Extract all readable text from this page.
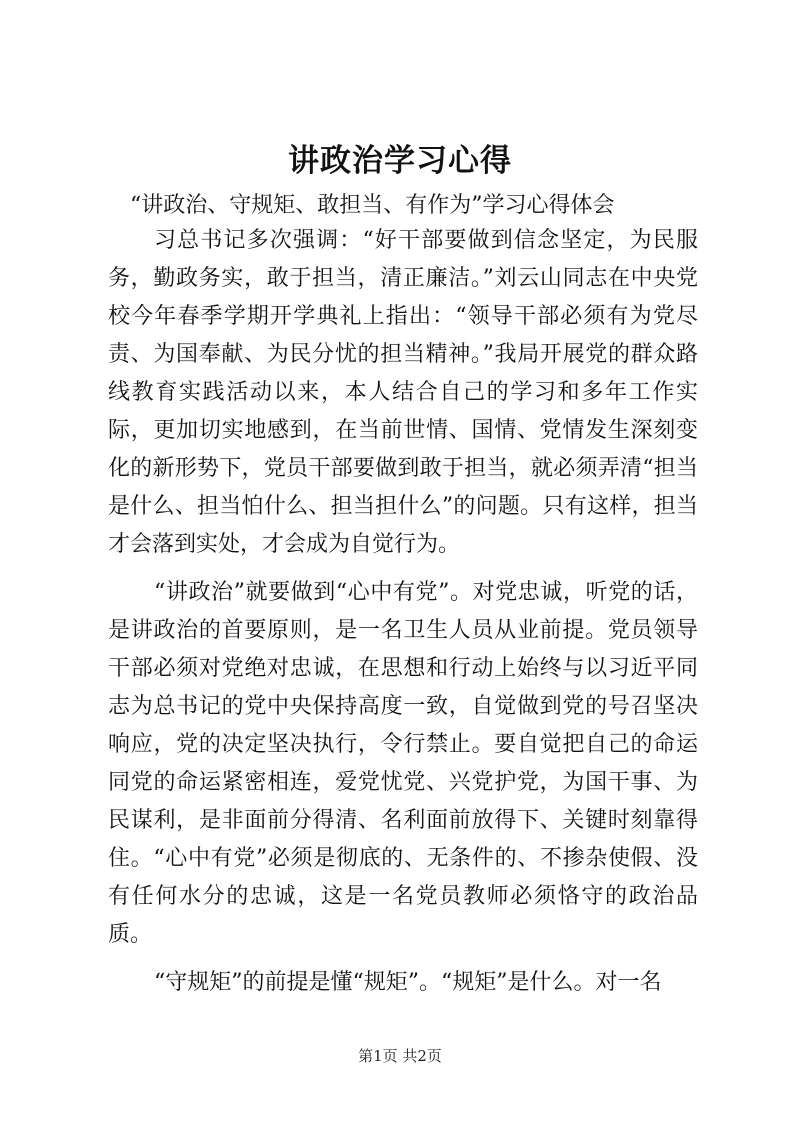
讲政治学习心得
“讲政治、守规矩、敢担当、有作为”学习心得体会

习总书记多次强调：“好干部要做到信念坚定，为民服务，勤政务实，敢于担当，清正廉洁。”刘云山同志在中央党校今年春季学期开学典礼上指出：“领导干部必须有为党尽责、为国奉献、为民分忧的担当精神。”我局开展党的群众路线教育实践活动以来，本人结合自己的学习和多年工作实际，更加切实地感到，在当前世情、国情、党情发生深刻变化的新形势下，党员干部要做到敢于担当，就必须弄清“担当是什么、担当怕什么、担当担什么”的问题。只有这样，担当才会落到实处，才会成为自觉行为。

“讲政治”就要做到“心中有党”。对党忠诚，听党的话，是讲政治的首要原则，是一名卫生人员从业前提。党员领导干部必须对党绝对忠诚，在思想和行动上始终与以习近平同志为总书记的党中央保持高度一致，自觉做到党的号召坚决响应，党的决定坚决执行，令行禁止。要自觉把自己的命运同党的命运紧密相连，爱党忧党、兴党护党，为国干事、为民谋利，是非面前分得清、名利面前放得下、关键时刻靠得住。“心中有党”必须是彻底的、无条件的、不掺杂使假、没有任何水分的忠诚，这是一名党员教师必须恪守的政治品质。

“守规矩”的前提是懂“规矩”。“规矩”是什么。对一名

第1页 共2页
